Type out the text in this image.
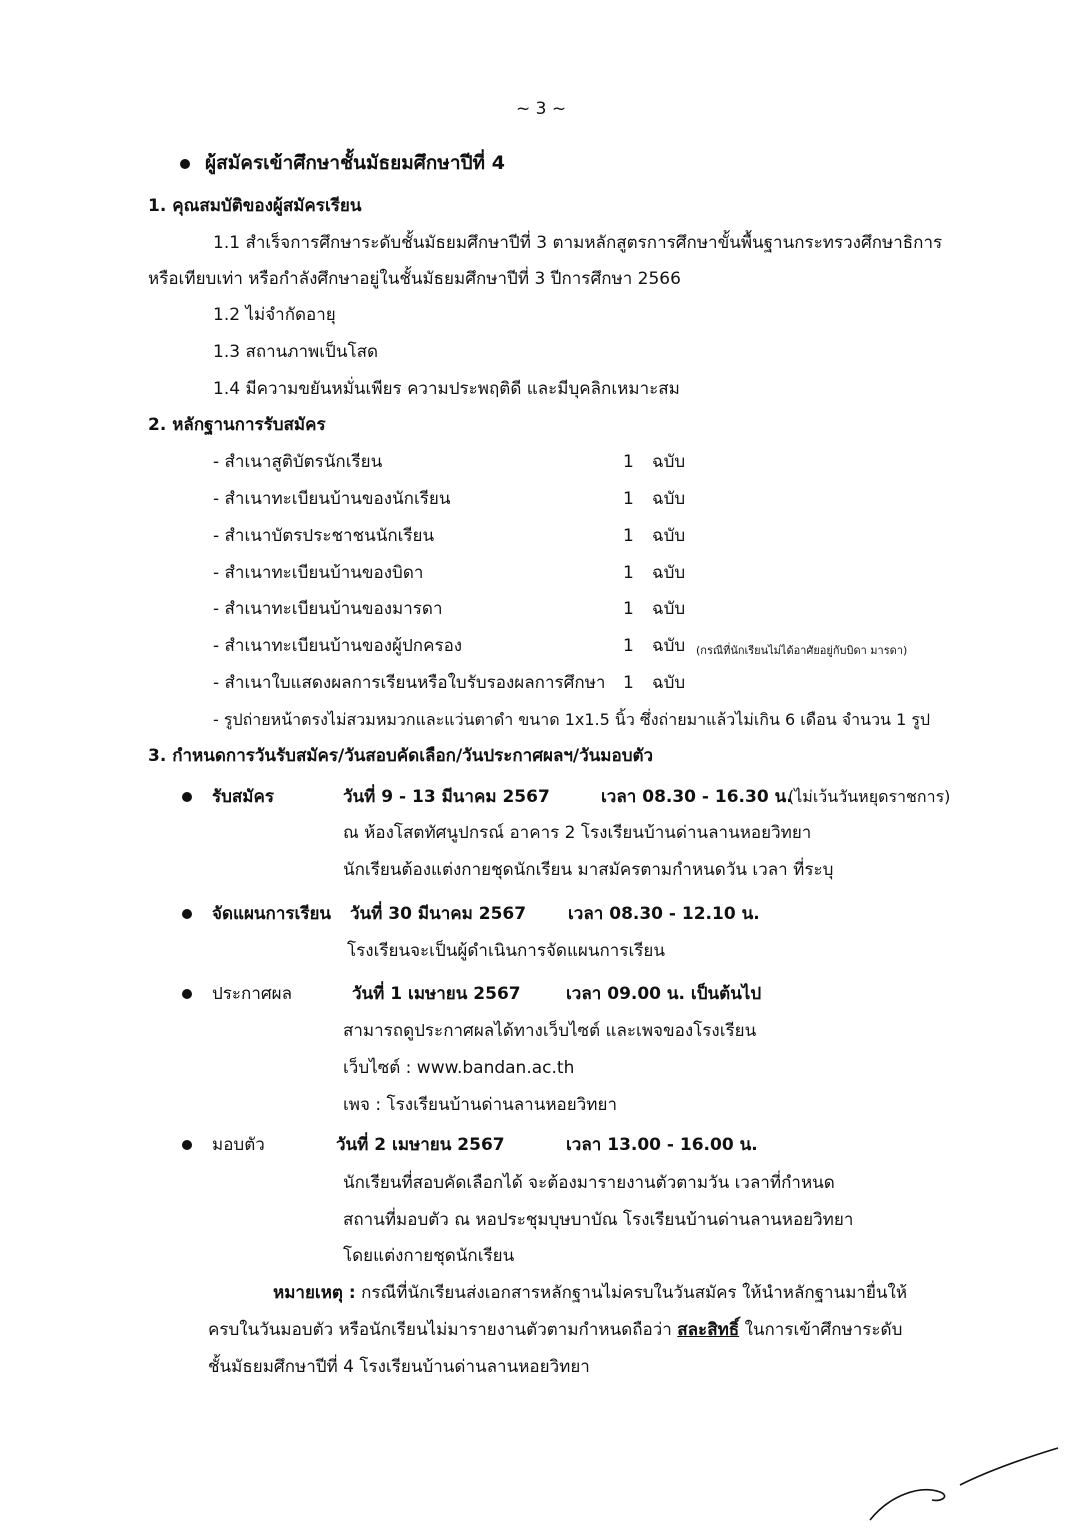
~ 3 ~
ผู้สมัครเข้าศึกษาชั้นมัธยมศึกษาปีที่ 4
1. คุณสมบัติของผู้สมัครเรียน
1.1 สำเร็จการศึกษาระดับชั้นมัธยมศึกษาปีที่ 3 ตามหลักสูตรการศึกษาขั้นพื้นฐานกระทรวงศึกษาธิการ
หรือเทียบเท่า หรือกำลังศึกษาอยู่ในชั้นมัธยมศึกษาปีที่ 3 ปีการศึกษา 2566
1.2 ไม่จำกัดอายุ
1.3 สถานภาพเป็นโสด
1.4 มีความขยันหมั่นเพียร ความประพฤติดี และมีบุคลิกเหมาะสม
2. หลักฐานการรับสมัคร
- สำเนาสูติบัตรนักเรียน	1 ฉบับ
- สำเนาทะเบียนบ้านของนักเรียน	1 ฉบับ
- สำเนาบัตรประชาชนนักเรียน	1 ฉบับ
- สำเนาทะเบียนบ้านของบิดา	1 ฉบับ
- สำเนาทะเบียนบ้านของมารดา	1 ฉบับ
- สำเนาทะเบียนบ้านของผู้ปกครอง	1 ฉบับ (กรณีที่นักเรียนไม่ได้อาศัยอยู่กับบิดา มารดา)
- สำเนาใบแสดงผลการเรียนหรือใบรับรองผลการศึกษา 1 ฉบับ
- รูปถ่ายหน้าตรงไม่สวมหมวกและแว่นตาดำ ขนาด 1x1.5 นิ้ว ซึ่งถ่ายมาแล้วไม่เกิน 6 เดือน จำนวน 1 รูป
3. กำหนดการวันรับสมัคร/วันสอบคัดเลือก/วันประกาศผลฯ/วันมอบตัว
รับสมัคร	วันที่ 9 - 13 มีนาคม 2567	เวลา 08.30 - 16.30 น.
(ไม่เว้นวันหยุดราชการ)
ณ ห้องโสตทัศนูปกรณ์ อาคาร 2 โรงเรียนบ้านด่านลานหอยวิทยา
นักเรียนต้องแต่งกายชุดนักเรียน มาสมัครตามกำหนดวัน เวลา ที่ระบุ
จัดแผนการเรียน วันที่ 30 มีนาคม 2567 เวลา 08.30 - 12.10 น.
โรงเรียนจะเป็นผู้ดำเนินการจัดแผนการเรียน
ประกาศผล	วันที่ 1 เมษายน 2567	เวลา 09.00 น. เป็นต้นไป
สามารถดูประกาศผลได้ทางเว็บไซต์ และเพจของโรงเรียน
เว็บไซต์ : www.bandan.ac.th
เพจ : โรงเรียนบ้านด่านลานหอยวิทยา
มอบตัว	วันที่ 2 เมษายน 2567	เวลา 13.00 - 16.00 น.
นักเรียนที่สอบคัดเลือกได้ จะต้องมารายงานตัวตามวัน เวลาที่กำหนด
สถานที่มอบตัว ณ หอประชุมบุษบาบัณ โรงเรียนบ้านด่านลานหอยวิทยา
โดยแต่งกายชุดนักเรียน
หมายเหตุ : กรณีที่นักเรียนส่งเอกสารหลักฐานไม่ครบในวันสมัคร ให้นำหลักฐานมายื่นให้
ครบในวันมอบตัว หรือนักเรียนไม่มารายงานตัวตามกำหนดถือว่า สละสิทธิ์ ในการเข้าศึกษาระดับ
ชั้นมัธยมศึกษาปีที่ 4 โรงเรียนบ้านด่านลานหอยวิทยา
